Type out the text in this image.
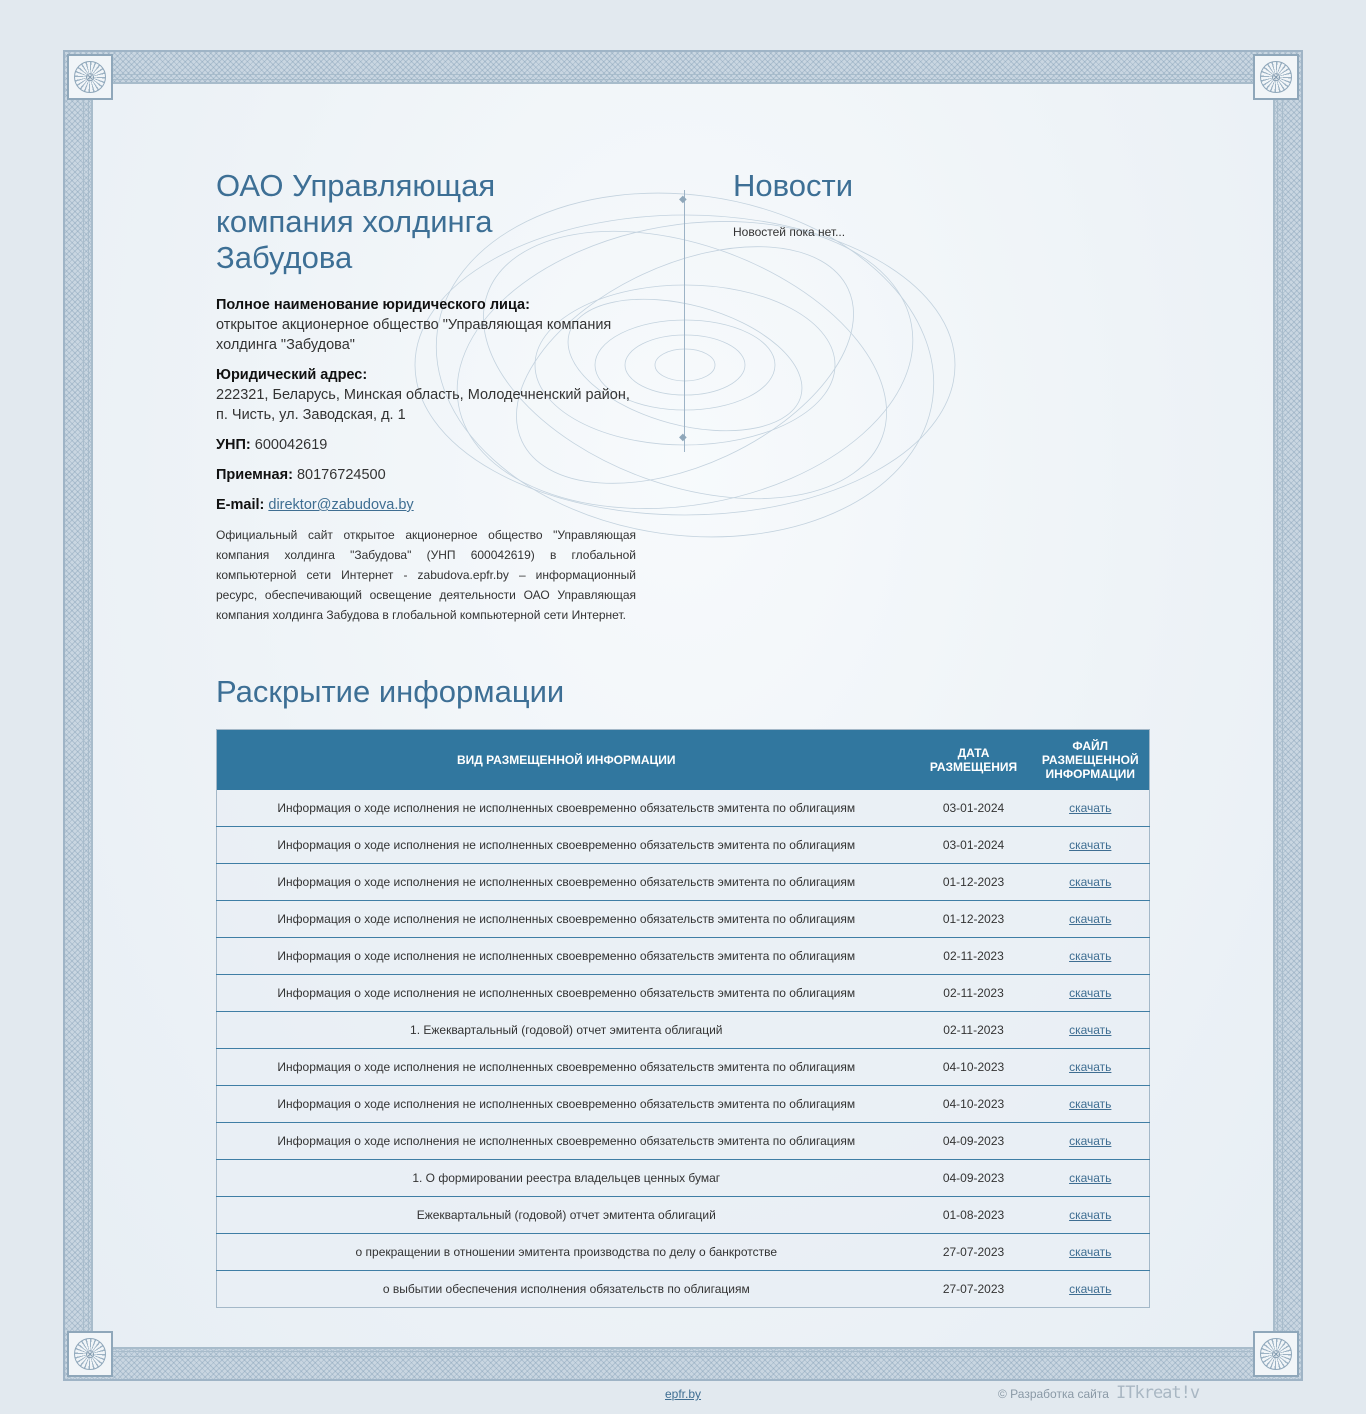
⊗	⊗
⊗	⊗
◆
◆
ОАО Управляющая компания холдинга Забудова
Полное наименование юридического лица:
открытое акционерное общество "Управляющая компания холдинга "Забудова"
Юридический адрес:
222321, Беларусь, Минская область, Молодечненский район, п. Чисть, ул. Заводская, д. 1
УНП: 600042619
Приемная: 80176724500
E-mail: direktor@zabudova.by

Официальный сайт открытое акционерное общество "Управляющая компания холдинга "Забудова" (УНП 600042619) в глобальной компьютерной сети Интернет - zabudova.epfr.by – информационный ресурс, обеспечивающий освещение деятельности ОАО Управляющая компания холдинга Забудова в глобальной компьютерной сети Интернет.

Новости
Новостей пока нет...
Раскрытие информации
ВИД РАЗМЕЩЕННОЙ ИНФОРМАЦИИ	ДАТА РАЗМЕЩЕНИЯ	ФАЙЛ РАЗМЕЩЕННОЙ ИНФОРМАЦИИ
Информация о ходе исполнения не исполненных своевременно обязательств эмитента по облигациям	03-01-2024	скачать
Информация о ходе исполнения не исполненных своевременно обязательств эмитента по облигациям	03-01-2024	скачать
Информация о ходе исполнения не исполненных своевременно обязательств эмитента по облигациям	01-12-2023	скачать
Информация о ходе исполнения не исполненных своевременно обязательств эмитента по облигациям	01-12-2023	скачать
Информация о ходе исполнения не исполненных своевременно обязательств эмитента по облигациям	02-11-2023	скачать
Информация о ходе исполнения не исполненных своевременно обязательств эмитента по облигациям	02-11-2023	скачать
1. Ежеквартальный (годовой) отчет эмитента облигаций	02-11-2023	скачать
Информация о ходе исполнения не исполненных своевременно обязательств эмитента по облигациям	04-10-2023	скачать
Информация о ходе исполнения не исполненных своевременно обязательств эмитента по облигациям	04-10-2023	скачать
Информация о ходе исполнения не исполненных своевременно обязательств эмитента по облигациям	04-09-2023	скачать
1. О формировании реестра владельцев ценных бумаг	04-09-2023	скачать
Ежеквартальный (годовой) отчет эмитента облигаций	01-08-2023	скачать
о прекращении в отношении эмитента производства по делу о банкротстве	27-07-2023	скачать
о выбытии обеспечения исполнения обязательств по облигациям	27-07-2023	скачать
epfr.by	© Разработка сайта ITkreat!v
